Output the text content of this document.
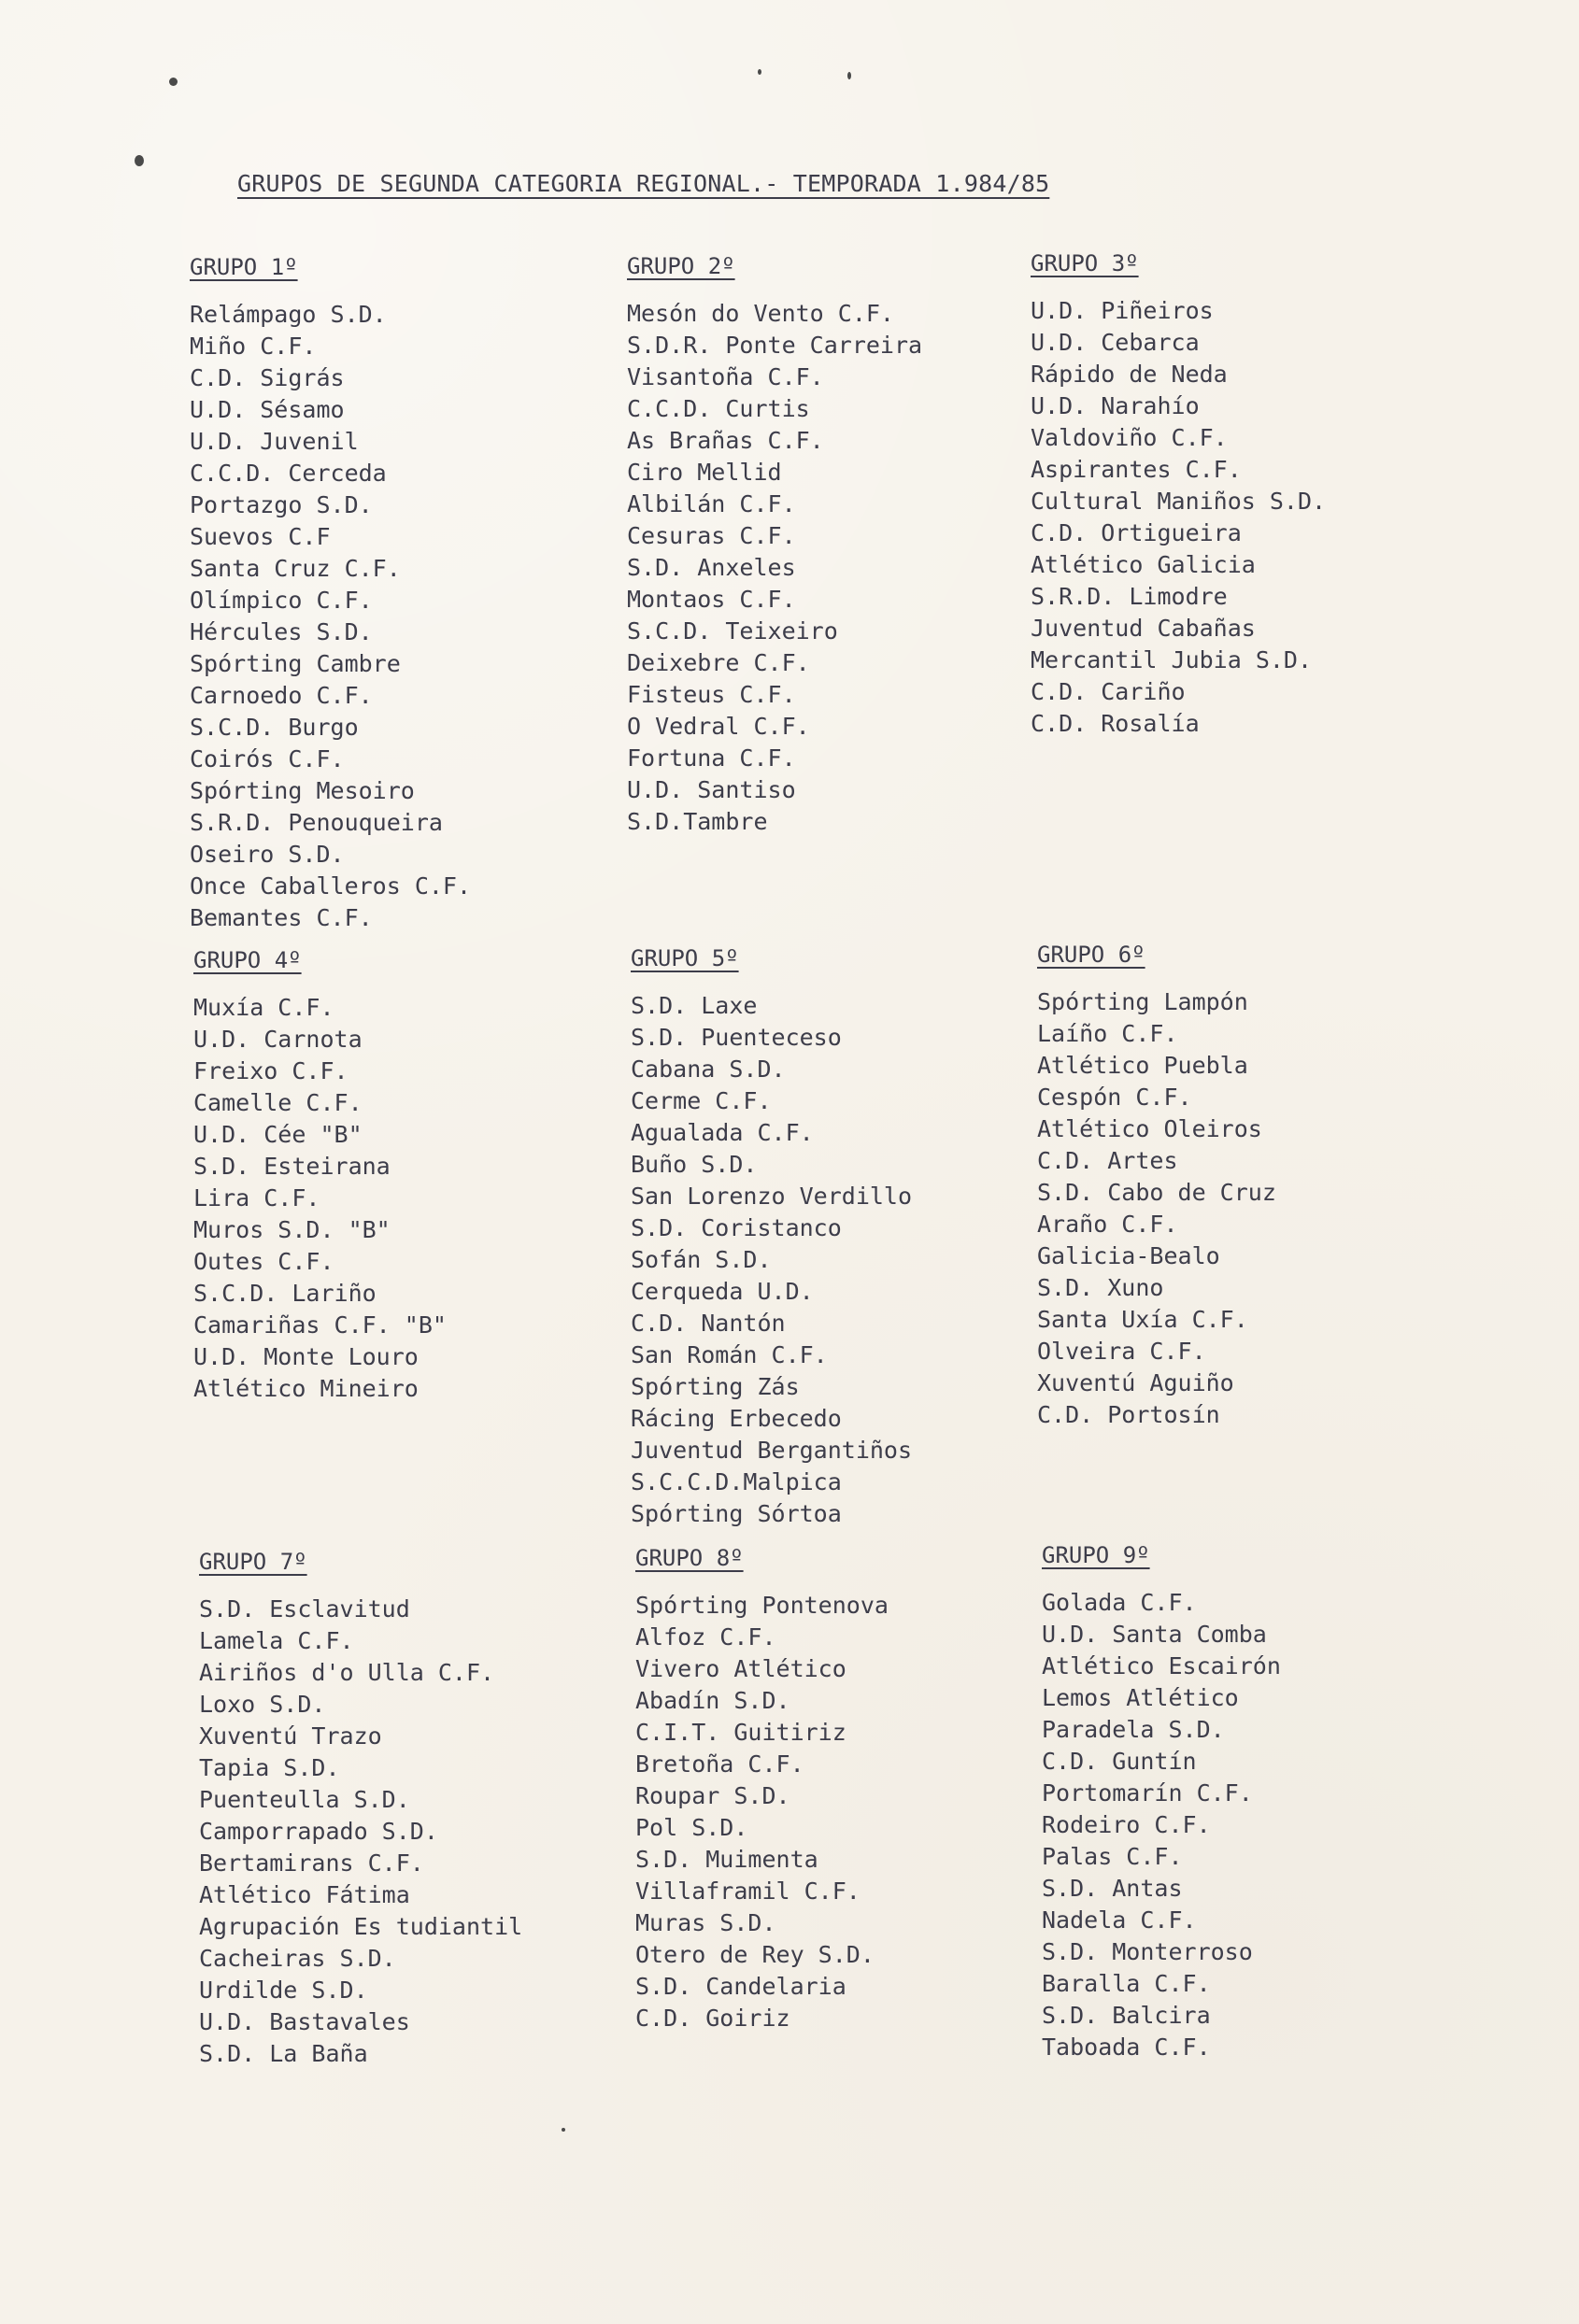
GRUPOS DE SEGUNDA CATEGORIA REGIONAL.- TEMPORADA 1.984/85
GRUPO 1º
Relámpago S.D.
Miño C.F.
C.D. Sigrás
U.D. Sésamo
U.D. Juvenil
C.C.D. Cerceda
Portazgo S.D.
Suevos C.F
Santa Cruz C.F.
Olímpico C.F.
Hércules S.D.
Spórting Cambre
Carnoedo C.F.
S.C.D. Burgo
Coirós C.F.
Spórting Mesoiro
S.R.D. Penouqueira
Oseiro S.D.
Once Caballeros C.F.
Bemantes C.F.
GRUPO 2º
Mesón do Vento C.F.
S.D.R. Ponte Carreira
Visantoña C.F.
C.C.D. Curtis
As Brañas C.F.
Ciro Mellid
Albilán C.F.
Cesuras C.F.
S.D. Anxeles
Montaos C.F.
S.C.D. Teixeiro
Deixebre C.F.
Fisteus C.F.
O Vedral C.F.
Fortuna C.F.
U.D. Santiso
S.D.Tambre
GRUPO 3º
U.D. Piñeiros
U.D. Cebarca
Rápido de Neda
U.D. Narahío
Valdoviño C.F.
Aspirantes C.F.
Cultural Maniños S.D.
C.D. Ortigueira
Atlético Galicia
S.R.D. Limodre
Juventud Cabañas
Mercantil Jubia S.D.
C.D. Cariño
C.D. Rosalía
GRUPO 4º
Muxía C.F.
U.D. Carnota
Freixo C.F.
Camelle C.F.
U.D. Cée "B"
S.D. Esteirana
Lira C.F.
Muros S.D. "B"
Outes C.F.
S.C.D. Lariño
Camariñas C.F. "B"
U.D. Monte Louro
Atlético Mineiro
GRUPO 5º
S.D. Laxe
S.D. Puenteceso
Cabana S.D.
Cerme C.F.
Agualada C.F.
Buño S.D.
San Lorenzo Verdillo
S.D. Coristanco
Sofán S.D.
Cerqueda U.D.
C.D. Nantón
San Román C.F.
Spórting Zás
Rácing Erbecedo
Juventud Bergantiños
S.C.C.D.Malpica
Spórting Sórtoa
GRUPO 6º
Spórting Lampón
Laíño C.F.
Atlético Puebla
Cespón C.F.
Atlético Oleiros
C.D. Artes
S.D. Cabo de Cruz
Araño C.F.
Galicia-Bealo
S.D. Xuno
Santa Uxía C.F.
Olveira C.F.
Xuventú Aguiño
C.D. Portosín
GRUPO 7º
S.D. Esclavitud
Lamela C.F.
Airiños d'o Ulla C.F.
Loxo S.D.
Xuventú Trazo
Tapia S.D.
Puenteulla S.D.
Camporrapado S.D.
Bertamirans C.F.
Atlético Fátima
Agrupación Es tudiantil
Cacheiras S.D.
Urdilde S.D.
U.D. Bastavales
S.D. La Baña
GRUPO 8º
Spórting Pontenova
Alfoz C.F.
Vivero Atlético
Abadín S.D.
C.I.T. Guitiriz
Bretoña C.F.
Roupar S.D.
Pol S.D.
S.D. Muimenta
Villaframil C.F.
Muras S.D.
Otero de Rey S.D.
S.D. Candelaria
C.D. Goiriz
GRUPO 9º
Golada C.F.
U.D. Santa Comba
Atlético Escairón
Lemos Atlético
Paradela S.D.
C.D. Guntín
Portomarín C.F.
Rodeiro C.F.
Palas C.F.
S.D. Antas
Nadela C.F.
S.D. Monterroso
Baralla C.F.
S.D. Balcira
Taboada C.F.
